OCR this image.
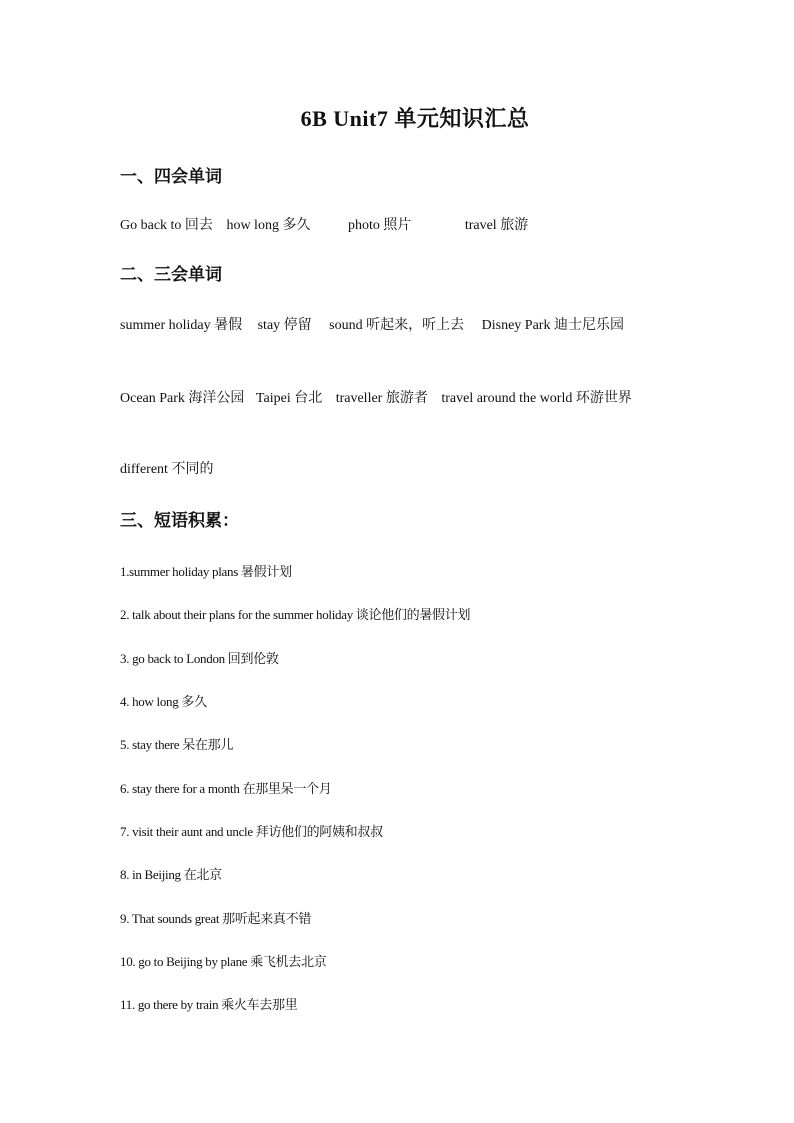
6B Unit7 单元知识汇总
一、四会单词
Go back to 回去 how long 多久	photo 照片	travel 旅游
二、三会单词
summer holiday 暑假 stay 停留 sound 听起来，听上去 Disney Park 迪士尼乐园
Ocean Park 海洋公园 Taipei 台北 traveller 旅游者 travel around the world 环游世界
different 不同的
三、短语积累：
1.summer holiday plans 暑假计划
2. talk about their plans for the summer holiday 谈论他们的暑假计划
3. go back to London 回到伦敦
4. how long 多久
5. stay there 呆在那儿
6. stay there for a month 在那里呆一个月
7. visit their aunt and uncle 拜访他们的阿姨和叔叔
8. in Beijing 在北京
9. That sounds great 那听起来真不错
10. go to Beijing by plane 乘飞机去北京
11. go there by train 乘火车去那里
